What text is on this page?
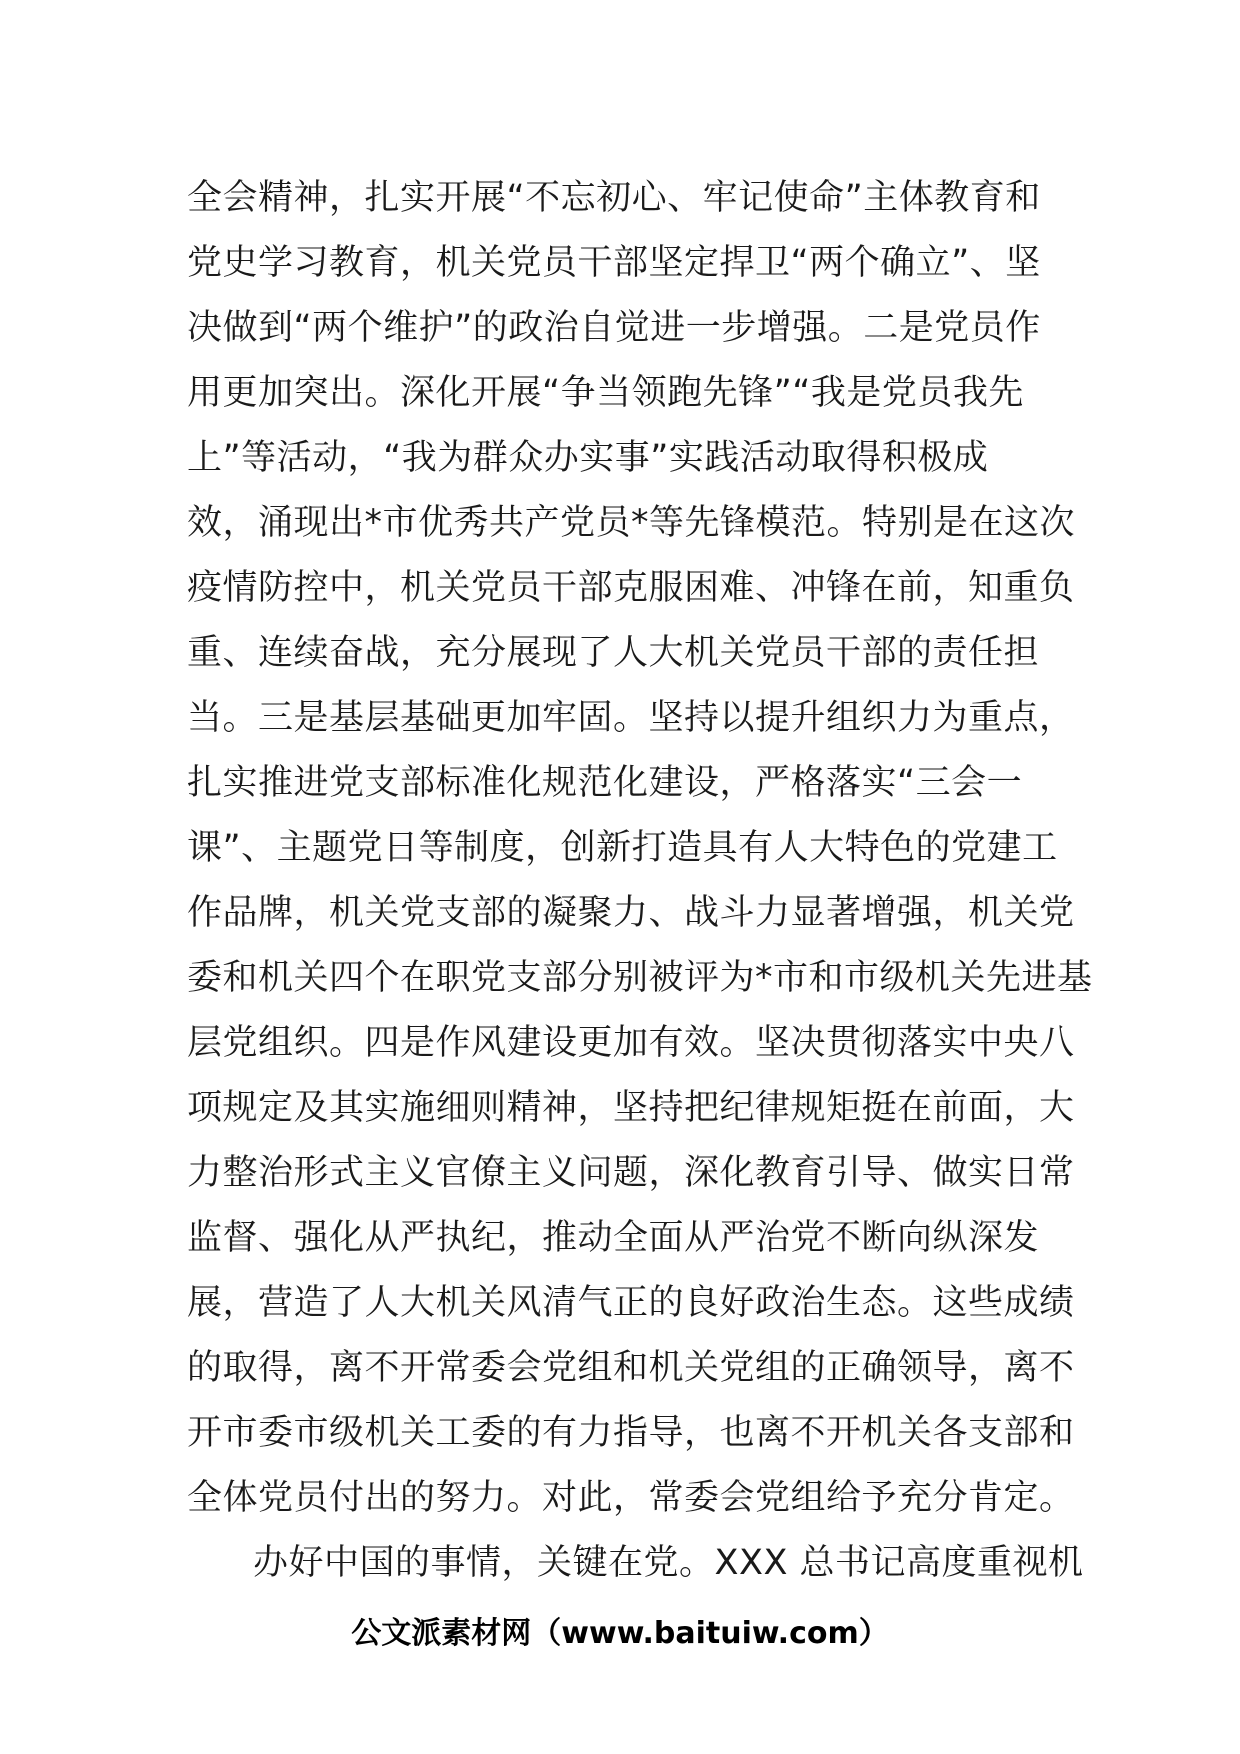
全会精神，扎实开展“不忘初心、牢记使命”主体教育和
党史学习教育，机关党员干部坚定捍卫“两个确立”、坚
决做到“两个维护”的政治自觉进一步增强。二是党员作
用更加突出。深化开展“争当领跑先锋”“我是党员我先
上”等活动，“我为群众办实事”实践活动取得积极成
效，涌现出*市优秀共产党员*等先锋模范。特别是在这次
疫情防控中，机关党员干部克服困难、冲锋在前，知重负
重、连续奋战，充分展现了人大机关党员干部的责任担
当。三是基层基础更加牢固。坚持以提升组织力为重点，
扎实推进党支部标准化规范化建设，严格落实“三会一
课”、主题党日等制度，创新打造具有人大特色的党建工
作品牌，机关党支部的凝聚力、战斗力显著增强，机关党
委和机关四个在职党支部分别被评为*市和市级机关先进基
层党组织。四是作风建设更加有效。坚决贯彻落实中央八
项规定及其实施细则精神，坚持把纪律规矩挺在前面，大
力整治形式主义官僚主义问题，深化教育引导、做实日常
监督、强化从严执纪，推动全面从严治党不断向纵深发
展，营造了人大机关风清气正的良好政治生态。这些成绩
的取得，离不开常委会党组和机关党组的正确领导，离不
开市委市级机关工委的有力指导，也离不开机关各支部和
全体党员付出的努力。对此，常委会党组给予充分肯定。
办好中国的事情，关键在党。XXX 总书记高度重视机
公文派素材网（www.baituiw.com）
